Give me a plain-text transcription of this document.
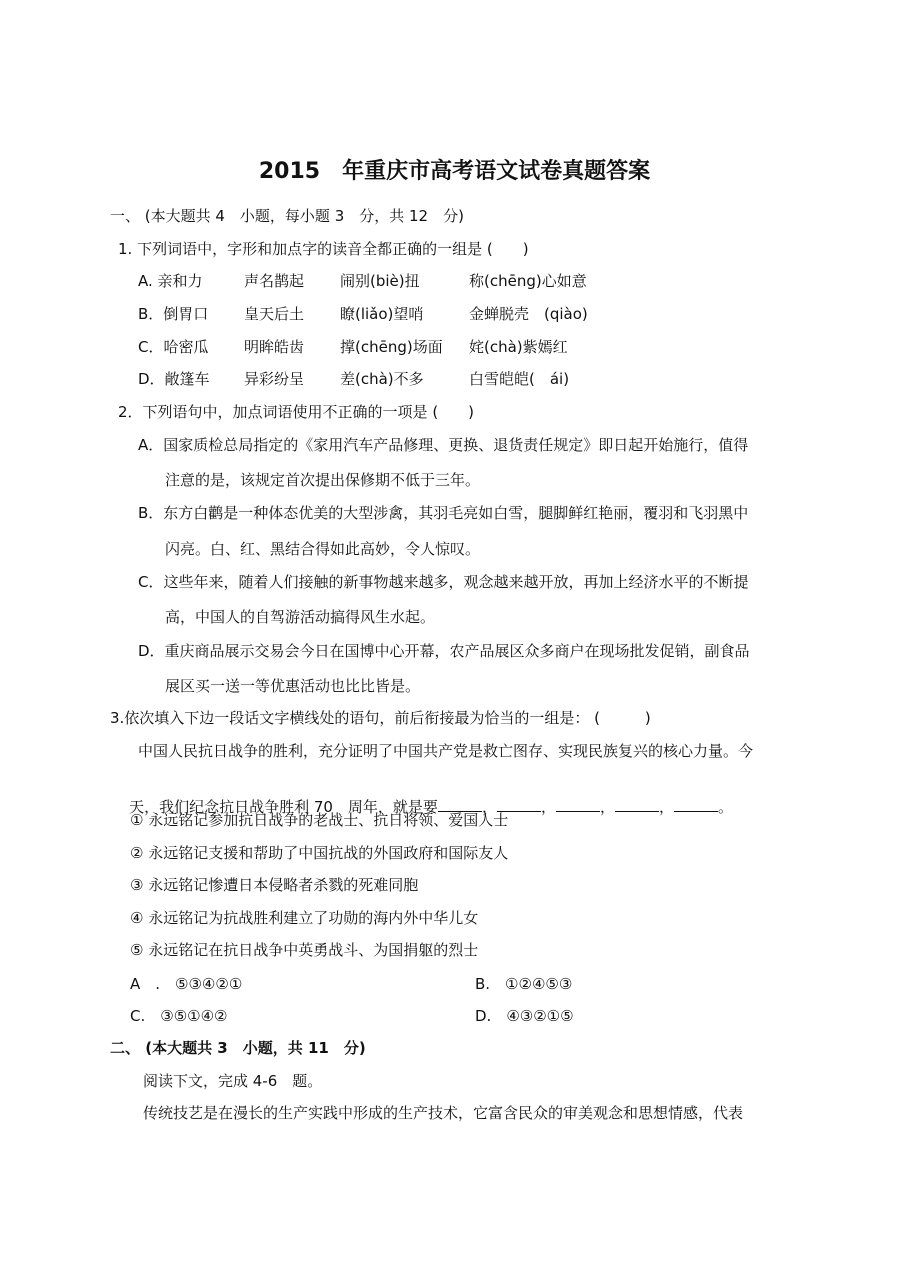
2015　年重庆市高考语文试卷真题答案
一、 (本大题共 4　小题，每小题 3　分，共 12　分)
1. 下列词语中，字形和加点字的读音全都正确的一组是 (　　)
A. 亲和力	声名鹊起 闹别(biè)扭	称(chēng)心如意
B．倒胃口 皇天后土 瞭(liǎo)望哨	金蝉脱壳　(qiào)
C．哈密瓜 明眸皓齿 撑(chēng)场面 姹(chà)紫嫣红
D．敞篷车 异彩纷呈 差(chà)不多	白雪皑皑(　ái)
2．下列语句中，加点词语使用不正确的一项是 (　　)
A．国家质检总局指定的《家用汽车产品修理、更换、退货责任规定》即日起开始施行，值得
注意的是，该规定首次提出保修期不低于三年。
B．东方白鹳是一种体态优美的大型涉禽，其羽毛亮如白雪，腿脚鲜红艳丽，覆羽和飞羽黑中
闪亮。白、红、黑结合得如此高妙，令人惊叹。
C．这些年来，随着人们接触的新事物越来越多，观念越来越开放，再加上经济水平的不断提
高，中国人的自驾游活动搞得风生水起。
D．重庆商品展示交易会今日在国博中心开幕，农产品展区众多商户在现场批发促销，副食品
展区买一送一等优惠活动也比比皆是。
3.依次填入下边一段话文字横线处的语句，前后衔接最为恰当的一组是： (　　　)
中国人民抗日战争的胜利，充分证明了中国共产党是救亡图存、实现民族复兴的核心力量。今

天，我们纪念抗日战争胜利 70　周年，就是要	，	，	，	，	。
① 永远铭记参加抗日战争的老战士、抗日将领、爱国人士
② 永远铭记支援和帮助了中国抗战的外国政府和国际友人
③ 永远铭记惨遭日本侵略者杀戮的死难同胞
④ 永远铭记为抗战胜利建立了功勋的海内外中华儿女
⑤ 永远铭记在抗日战争中英勇战斗、为国捐躯的烈士
A　.　⑤③④②①	B.　①②④⑤③
C.　③⑤①④②	D.　④③②①⑤
二、 (本大题共 3　小题，共 11　分)
阅读下文，完成 4-6　题。
传统技艺是在漫长的生产实践中形成的生产技术，它富含民众的审美观念和思想情感，代表
